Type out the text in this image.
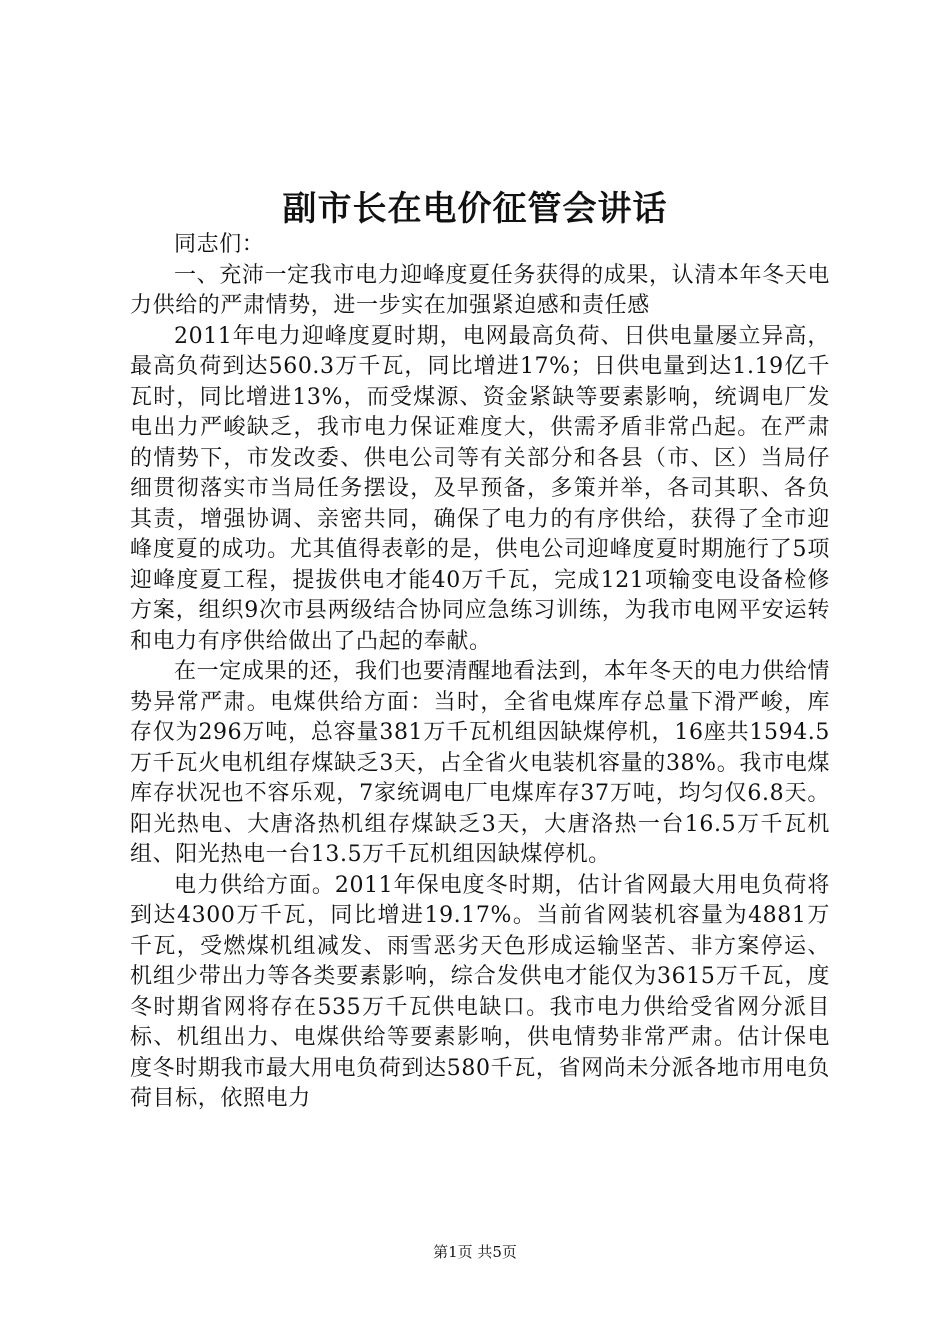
副市长在电价征管会讲话

同志们：

一、充沛一定我市电力迎峰度夏任务获得的成果，认清本年冬天电力供给的严肃情势，进一步实在加强紧迫感和责任感

2011年电力迎峰度夏时期，电网最高负荷、日供电量屡立异高，最高负荷到达560.3万千瓦，同比增进17%；日供电量到达1.19亿千瓦时，同比增进13%，而受煤源、资金紧缺等要素影响，统调电厂发电出力严峻缺乏，我市电力保证难度大，供需矛盾非常凸起。在严肃的情势下，市发改委、供电公司等有关部分和各县（市、区）当局仔细贯彻落实市当局任务摆设，及早预备，多策并举，各司其职、各负其责，增强协调、亲密共同，确保了电力的有序供给，获得了全市迎峰度夏的成功。尤其值得表彰的是，供电公司迎峰度夏时期施行了5项迎峰度夏工程，提拔供电才能40万千瓦，完成121项输变电设备检修方案，组织9次市县两级结合协同应急练习训练，为我市电网平安运转和电力有序供给做出了凸起的奉献。

在一定成果的还，我们也要清醒地看法到，本年冬天的电力供给情势异常严肃。电煤供给方面：当时，全省电煤库存总量下滑严峻，库存仅为296万吨，总容量381万千瓦机组因缺煤停机，16座共1594.5万千瓦火电机组存煤缺乏3天，占全省火电装机容量的38%。我市电煤库存状况也不容乐观，7家统调电厂电煤库存37万吨，均匀仅6.8天。阳光热电、大唐洛热机组存煤缺乏3天，大唐洛热一台16.5万千瓦机组、阳光热电一台13.5万千瓦机组因缺煤停机。

电力供给方面。2011年保电度冬时期，估计省网最大用电负荷将到达4300万千瓦，同比增进19.17%。当前省网装机容量为4881万千瓦，受燃煤机组减发、雨雪恶劣天色形成运输坚苦、非方案停运、机组少带出力等各类要素影响，综合发供电才能仅为3615万千瓦，度冬时期省网将存在535万千瓦供电缺口。我市电力供给受省网分派目标、机组出力、电煤供给等要素影响，供电情势非常严肃。估计保电度冬时期我市最大用电负荷到达580千瓦，省网尚未分派各地市用电负荷目标，依照电力

第1页 共5页
